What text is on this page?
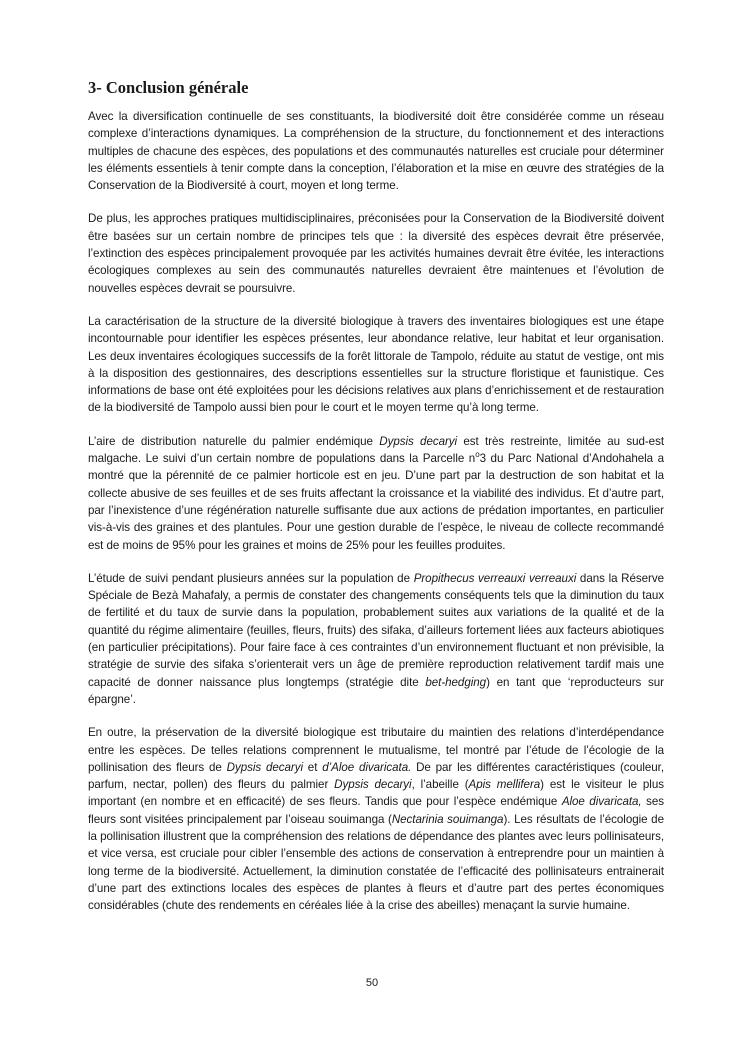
3- Conclusion générale

Avec la diversification continuelle de ses constituants, la biodiversité doit être considérée comme un réseau complexe d’interactions dynamiques. La compréhension de la structure, du fonctionnement et des interactions multiples de chacune des espèces, des populations et des communautés naturelles est cruciale pour déterminer les éléments essentiels à tenir compte dans la conception, l’élaboration et la mise en œuvre des stratégies de la Conservation de la Biodiversité à court, moyen et long terme.

De plus, les approches pratiques multidisciplinaires, préconisées pour la Conservation de la Biodiversité doivent être basées sur un certain nombre de principes tels que : la diversité des espèces devrait être préservée, l’extinction des espèces principalement provoquée par les activités humaines devrait être évitée, les interactions écologiques complexes au sein des communautés naturelles devraient être maintenues et l’évolution de nouvelles espèces devrait se poursuivre.

La caractérisation de la structure de la diversité biologique à travers des inventaires biologiques est une étape incontournable pour identifier les espèces présentes, leur abondance relative, leur habitat et leur organisation. Les deux inventaires écologiques successifs de la forêt littorale de Tampolo, réduite au statut de vestige, ont mis à la disposition des gestionnaires, des descriptions essentielles sur la structure floristique et faunistique. Ces informations de base ont été exploitées pour les décisions relatives aux plans d’enrichissement et de restauration de la biodiversité de Tampolo aussi bien pour le court et le moyen terme qu’à long terme.

L’aire de distribution naturelle du palmier endémique Dypsis decaryi est très restreinte, limitée au sud-est malgache. Le suivi d’un certain nombre de populations dans la Parcelle $n^o3$ du Parc National d’Andohahela a montré que la pérennité de ce palmier horticole est en jeu. D’une part par la destruction de son habitat et la collecte abusive de ses feuilles et de ses fruits affectant la croissance et la viabilité des individus. Et d’autre part, par l’inexistence d’une régénération naturelle suffisante due aux actions de prédation importantes, en particulier vis-à-vis des graines et des plantules. Pour une gestion durable de l’espèce, le niveau de collecte recommandé est de moins de 95% pour les graines et moins de 25% pour les feuilles produites.

L’étude de suivi pendant plusieurs années sur la population de Propithecus verreauxi verreauxi dans la Réserve Spéciale de Bezà Mahafaly, a permis de constater des changements conséquents tels que la diminution du taux de fertilité et du taux de survie dans la population, probablement suites aux variations de la qualité et de la quantité du régime alimentaire (feuilles, fleurs, fruits) des sifaka, d’ailleurs fortement liées aux facteurs abiotiques (en particulier précipitations). Pour faire face à ces contraintes d’un environnement fluctuant et non prévisible, la stratégie de survie des sifaka s’orienterait vers un âge de première reproduction relativement tardif mais une capacité de donner naissance plus longtemps (stratégie dite bet-hedging) en tant que ‘reproducteurs sur épargne’.

En outre, la préservation de la diversité biologique est tributaire du maintien des relations d’interdépendance entre les espèces. De telles relations comprennent le mutualisme, tel montré par l’étude de l’écologie de la pollinisation des fleurs de Dypsis decaryi et d’Aloe divaricata. De par les différentes caractéristiques (couleur, parfum, nectar, pollen) des fleurs du palmier Dypsis decaryi, l’abeille (Apis mellifera) est le visiteur le plus important (en nombre et en efficacité) de ses fleurs. Tandis que pour l’espèce endémique Aloe divaricata, ses fleurs sont visitées principalement par l’oiseau souimanga (Nectarinia souimanga). Les résultats de l’écologie de la pollinisation illustrent que la compréhension des relations de dépendance des plantes avec leurs pollinisateurs, et vice versa, est cruciale pour cibler l’ensemble des actions de conservation à entreprendre pour un maintien à long terme de la biodiversité. Actuellement, la diminution constatée de l’efficacité des pollinisateurs entrainerait d’une part des extinctions locales des espèces de plantes à fleurs et d’autre part des pertes économiques considérables (chute des rendements en céréales liée à la crise des abeilles) menaçant la survie humaine.

50
